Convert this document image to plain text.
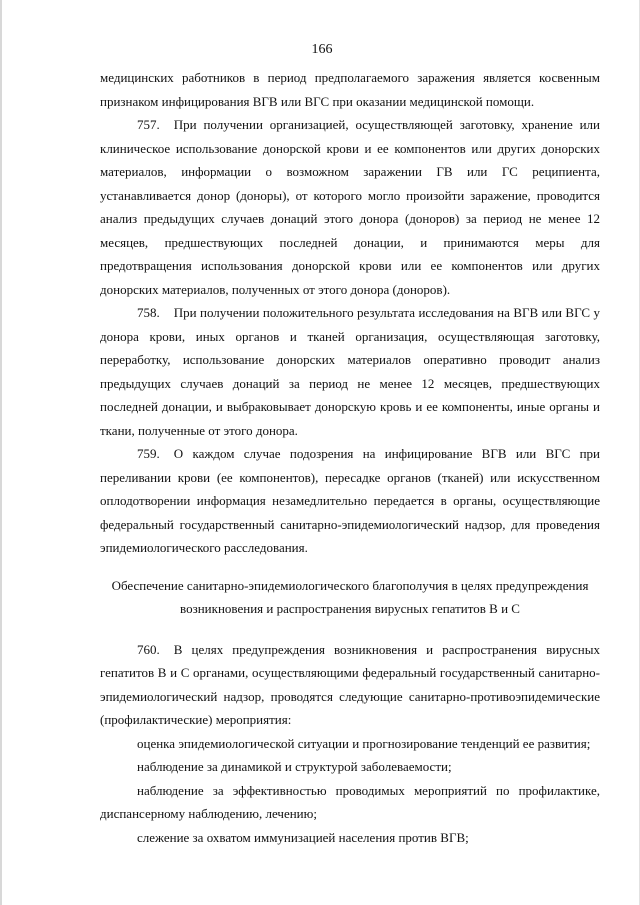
166

медицинских работников в период предполагаемого заражения является косвенным признаком инфицирования ВГВ или ВГС при оказании медицинской помощи.

757. При получении организацией, осуществляющей заготовку, хранение или клиническое использование донорской крови и ее компонентов или других донорских материалов, информации о возможном заражении ГВ или ГС реципиента, устанавливается донор (доноры), от которого могло произойти заражение, проводится анализ предыдущих случаев донаций этого донора (доноров) за период не менее 12 месяцев, предшествующих последней донации, и принимаются меры для предотвращения использования донорской крови или ее компонентов или других донорских материалов, полученных от этого донора (доноров).

758. При получении положительного результата исследования на ВГВ или ВГС у донора крови, иных органов и тканей организация, осуществляющая заготовку, переработку, использование донорских материалов оперативно проводит анализ предыдущих случаев донаций за период не менее 12 месяцев, предшествующих последней донации, и выбраковывает донорскую кровь и ее компоненты, иные органы и ткани, полученные от этого донора.

759. О каждом случае подозрения на инфицирование ВГВ или ВГС при переливании крови (ее компонентов), пересадке органов (тканей) или искусственном оплодотворении информация незамедлительно передается в органы, осуществляющие федеральный государственный санитарно-эпидемиологический надзор, для проведения эпидемиологического расследования.

Обеспечение санитарно-эпидемиологического благополучия в целях предупреждения возникновения и распространения вирусных гепатитов В и С

760. В целях предупреждения возникновения и распространения вирусных гепатитов В и С органами, осуществляющими федеральный государственный санитарно-эпидемиологический надзор, проводятся следующие санитарно-противоэпидемические (профилактические) мероприятия:

оценка эпидемиологической ситуации и прогнозирование тенденций ее развития;

наблюдение за динамикой и структурой заболеваемости;

наблюдение за эффективностью проводимых мероприятий по профилактике, диспансерному наблюдению, лечению;

слежение за охватом иммунизацией населения против ВГВ;
